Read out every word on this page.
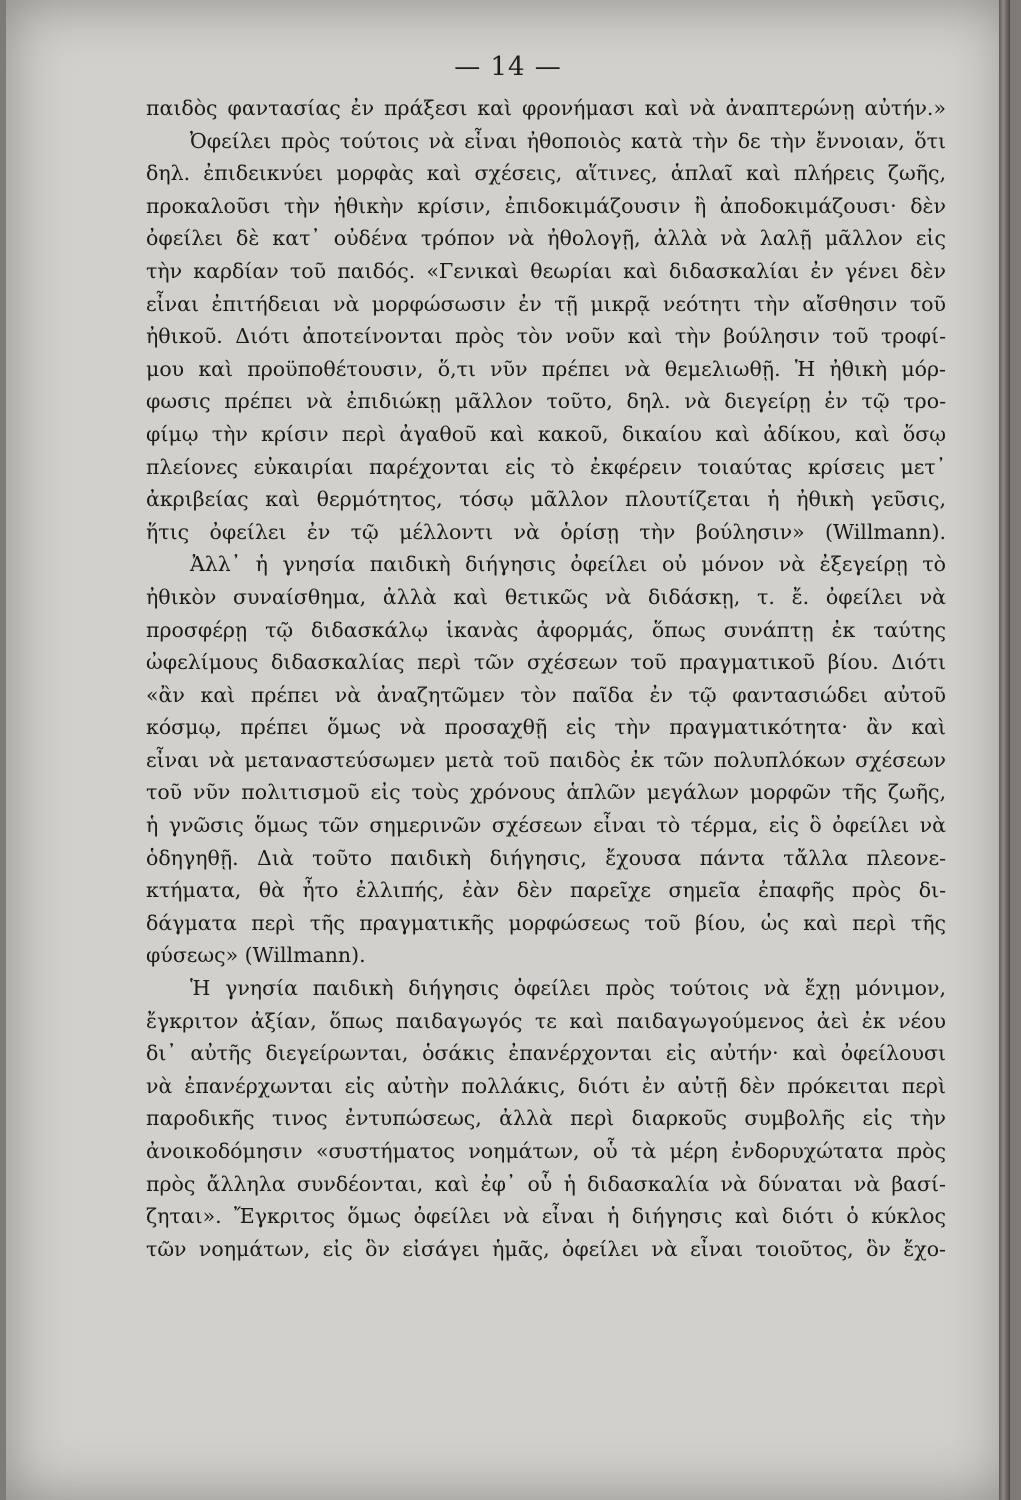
— 14 —
παιδὸς φαντασίας ἐν πράξεσι καὶ φρονήμασι καὶ νὰ ἀναπτερώνῃ αὐτήν.»
Ὀφείλει πρὸς τούτοις νὰ εἶναι ἠθοποιὸς κατὰ τὴν δε τὴν ἔννοιαν, ὅτι
δηλ. ἐπιδεικνύει μορφὰς καὶ σχέσεις, αἵτινες, ἁπλαῖ καὶ πλήρεις ζωῆς,
προκαλοῦσι τὴν ἠθικὴν κρίσιν, ἐπιδοκιμάζουσιν ἢ ἀποδοκιμάζουσι· δὲν
ὀφείλει δὲ κατ᾽ οὐδένα τρόπον νὰ ἠθολογῇ, ἀλλὰ νὰ λαλῇ μᾶλλον εἰς
τὴν καρδίαν τοῦ παιδός. «Γενικαὶ θεωρίαι καὶ διδασκαλίαι ἐν γένει δὲν
εἶναι ἐπιτήδειαι νὰ μορφώσωσιν ἐν τῇ μικρᾷ νεότητι τὴν αἴσθησιν τοῦ
ἠθικοῦ. Διότι ἀποτείνονται πρὸς τὸν νοῦν καὶ τὴν βούλησιν τοῦ τροφί-
μου καὶ προϋποθέτουσιν, ὅ,τι νῦν πρέπει νὰ θεμελιωθῇ. Ἡ ἠθικὴ μόρ-
φωσις πρέπει νὰ ἐπιδιώκῃ μᾶλλον τοῦτο, δηλ. νὰ διεγείρῃ ἐν τῷ τρο-
φίμῳ τὴν κρίσιν περὶ ἀγαθοῦ καὶ κακοῦ, δικαίου καὶ ἀδίκου, καὶ ὅσῳ
πλείονες εὐκαιρίαι παρέχονται εἰς τὸ ἐκφέρειν τοιαύτας κρίσεις μετ᾽
ἀκριβείας καὶ θερμότητος, τόσῳ μᾶλλον πλουτίζεται ἡ ἠθικὴ γεῦσις,
ἥτις ὀφείλει ἐν τῷ μέλλοντι νὰ ὁρίσῃ τὴν βούλησιν» (Willmann).
Ἀλλ᾽ ἡ γνησία παιδικὴ διήγησις ὀφείλει οὐ μόνον νὰ ἐξεγείρῃ τὸ
ἠθικὸν συναίσθημα, ἀλλὰ καὶ θετικῶς νὰ διδάσκῃ, τ. ἔ. ὀφείλει νὰ
προσφέρῃ τῷ διδασκάλῳ ἱκανὰς ἀφορμάς, ὅπως συνάπτῃ ἐκ ταύτης
ὠφελίμους διδασκαλίας περὶ τῶν σχέσεων τοῦ πραγματικοῦ βίου. Διότι
«ἂν καὶ πρέπει νὰ ἀναζητῶμεν τὸν παῖδα ἐν τῷ φαντασιώδει αὐτοῦ
κόσμῳ, πρέπει ὅμως νὰ προσαχθῇ εἰς τὴν πραγματικότητα· ἂν καὶ
εἶναι νὰ μεταναστεύσωμεν μετὰ τοῦ παιδὸς ἐκ τῶν πολυπλόκων σχέσεων
τοῦ νῦν πολιτισμοῦ εἰς τοὺς χρόνους ἁπλῶν μεγάλων μορφῶν τῆς ζωῆς,
ἡ γνῶσις ὅμως τῶν σημερινῶν σχέσεων εἶναι τὸ τέρμα, εἰς ὃ ὀφείλει νὰ
ὁδηγηθῇ. Διὰ τοῦτο παιδικὴ διήγησις, ἔχουσα πάντα τἄλλα πλεονε-
κτήματα, θὰ ἦτο ἐλλιπής, ἐὰν δὲν παρεῖχε σημεῖα ἐπαφῆς πρὸς δι-
δάγματα περὶ τῆς πραγματικῆς μορφώσεως τοῦ βίου, ὡς καὶ περὶ τῆς
φύσεως» (Willmann).
Ἡ γνησία παιδικὴ διήγησις ὀφείλει πρὸς τούτοις νὰ ἔχῃ μόνιμον,
ἔγκριτον ἀξίαν, ὅπως παιδαγωγός τε καὶ παιδαγωγούμενος ἀεὶ ἐκ νέου
δι᾽ αὐτῆς διεγείρωνται, ὁσάκις ἐπανέρχονται εἰς αὐτήν· καὶ ὀφείλουσι
νὰ ἐπανέρχωνται εἰς αὐτὴν πολλάκις, διότι ἐν αὐτῇ δὲν πρόκειται περὶ
παροδικῆς τινος ἐντυπώσεως, ἀλλὰ περὶ διαρκοῦς συμβολῆς εἰς τὴν
ἀνοικοδόμησιν «συστήματος νοημάτων, οὗ τὰ μέρη ἐνδορυχώτατα πρὸς
πρὸς ἄλληλα συνδέονται, καὶ ἐφ᾽ οὗ ἡ διδασκαλία νὰ δύναται νὰ βασί-
ζηται». Ἔγκριτος ὅμως ὀφείλει νὰ εἶναι ἡ διήγησις καὶ διότι ὁ κύκλος
τῶν νοημάτων, εἰς ὃν εἰσάγει ἡμᾶς, ὀφείλει νὰ εἶναι τοιοῦτος, ὃν ἔχο-
